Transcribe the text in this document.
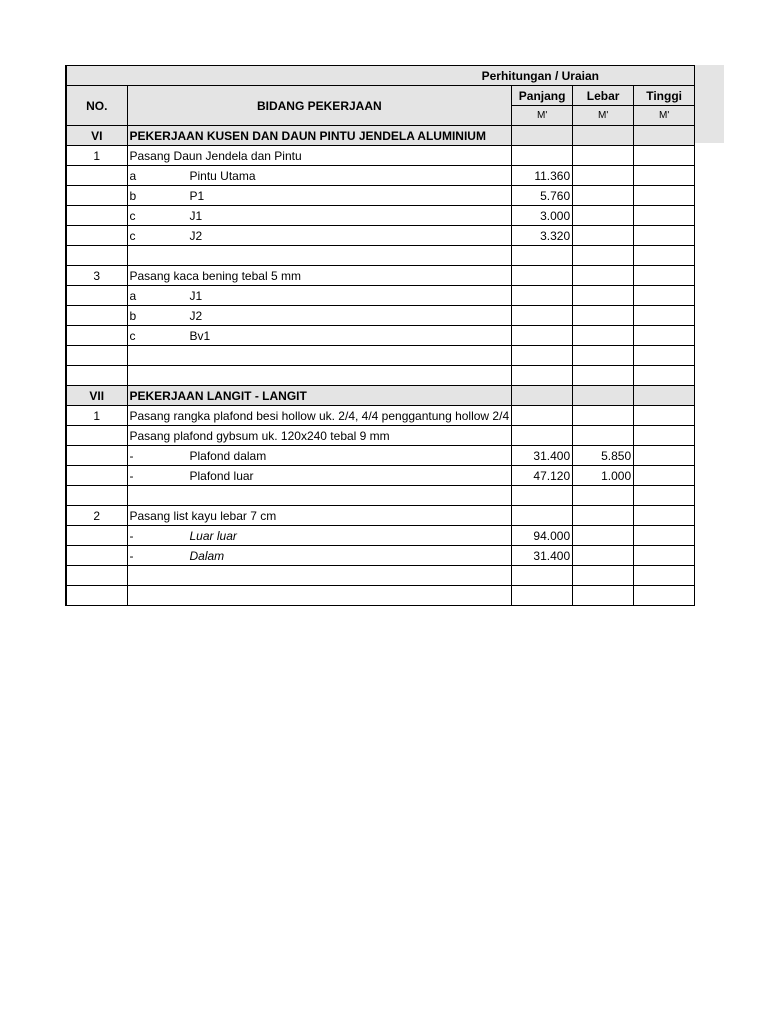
		Perhitungan / Uraian		
NO.	BIDANG PEKERJAAN	Panjang	Lebar	Tinggi
		M'	M'	M'
VI	PEKERJAAN KUSEN DAN DAUN PINTU JENDELA ALUMINIUM			
1	Pasang Daun Jendela dan Pintu			
	a Pintu Utama	11.360		
	b P1	5.760		
	c J1	3.000		
	c J2	3.320		

3	Pasang kaca bening tebal 5 mm			
	a J1			
	b J2			
	c Bv1			

VII	PEKERJAAN LANGIT - LANGIT			
1	Pasang rangka plafond besi hollow uk. 2/4, 4/4 penggantung hollow 2/4			
	Pasang plafond gybsum uk. 120x240 tebal 9 mm			
	- Plafond dalam	31.400	5.850	
	- Plafond luar	47.120	1.000	

2	Pasang list kayu lebar 7 cm			
	- Luar luar	94.000		
	- Dalam	31.400		
